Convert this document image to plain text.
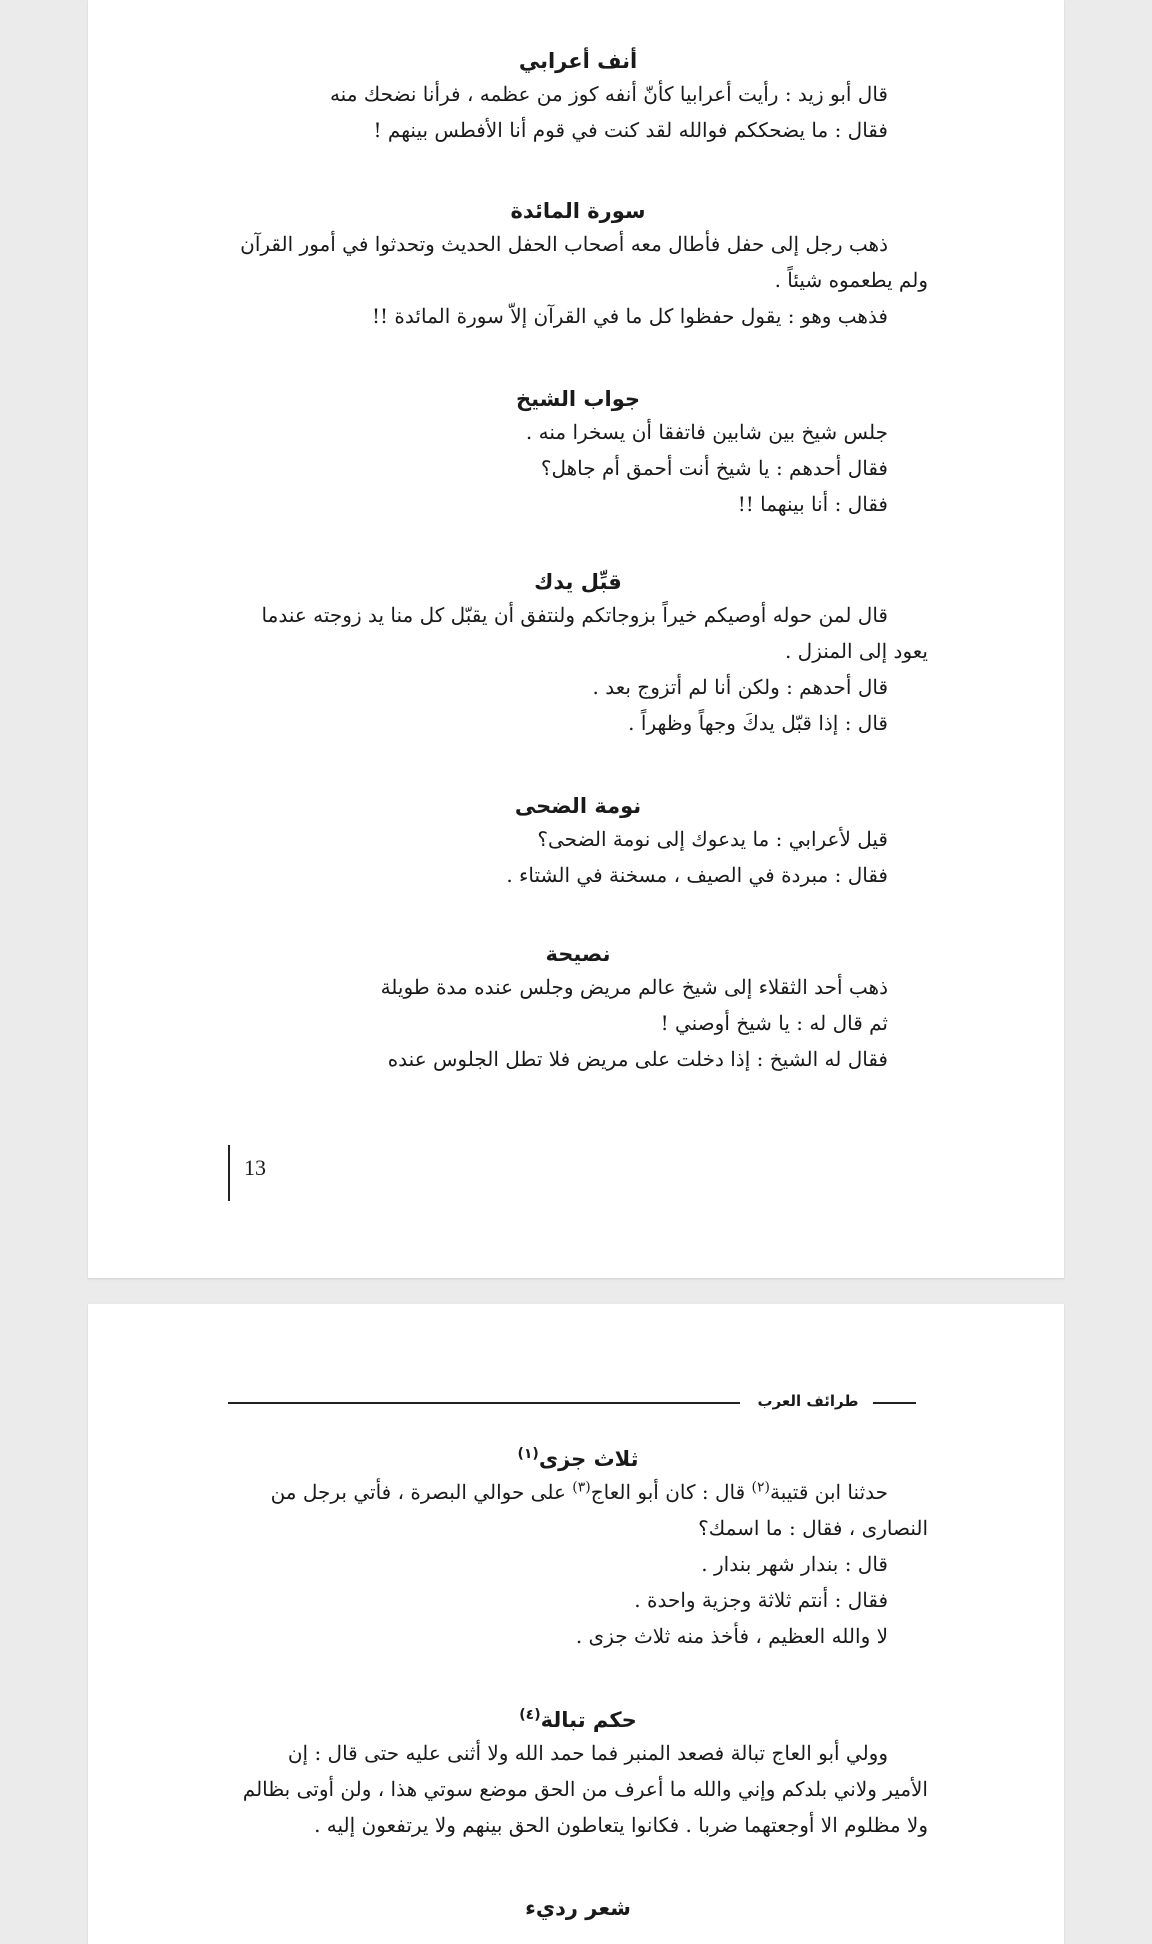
أنف أعرابي
قال أبو زيد : رأيت أعرابيا كأنّ أنفه كوز من عظمه ، فرأنا نضحك منه
فقال : ما يضحككم فوالله لقد كنت في قوم أنا الأفطس بينهم !
سورة المائدة
ذهب رجل إلى حفل فأطال معه أصحاب الحفل الحديث وتحدثوا في أمور القرآن
ولم يطعموه شيئاً .
فذهب وهو : يقول حفظوا كل ما في القرآن إلاّ سورة المائدة !!
جواب الشيخ
جلس شيخ بين شابين فاتفقا أن يسخرا منه .
فقال أحدهم : يا شيخ أنت أحمق أم جاهل؟
فقال : أنا بينهما !!
قبِّل يدك
قال لمن حوله أوصيكم خيراً بزوجاتكم ولنتفق أن يقبّل كل منا يد زوجته عندما
يعود إلى المنزل .
قال أحدهم : ولكن أنا لم أتزوج بعد .
قال : إذا قبّل يدكَ وجهاً وظهراً .
نومة الضحى
قيل لأعرابي : ما يدعوك إلى نومة الضحى؟
فقال : مبردة في الصيف ، مسخنة في الشتاء .
نصيحة
ذهب أحد الثقلاء إلى شيخ عالم مريض وجلس عنده مدة طويلة
ثم قال له : يا شيخ أوصني !
فقال له الشيخ : إذا دخلت على مريض فلا تطل الجلوس عنده
13
طرائف العرب
ثلاث جزى$^{(١)}$
حدثنا ابن قتيبة$^{(٢)}$ قال : كان أبو العاج$^{(٣)}$ على حوالي البصرة ، فأتي برجل من
النصارى ، فقال : ما اسمك؟
قال : بندار شهر بندار .
فقال : أنتم ثلاثة وجزية واحدة .
لا والله العظيم ، فأخذ منه ثلاث جزى .
حكم تبالة$^{(٤)}$
وولي أبو العاج تبالة فصعد المنبر فما حمد الله ولا أثنى عليه حتى قال : إن
الأمير ولاني بلدكم وإني والله ما أعرف من الحق موضع سوتي هذا ، ولن أوتى بظالم
ولا مظلوم الا أوجعتهما ضربا . فكانوا يتعاطون الحق بينهم ولا يرتفعون إليه .
شعر رديء
